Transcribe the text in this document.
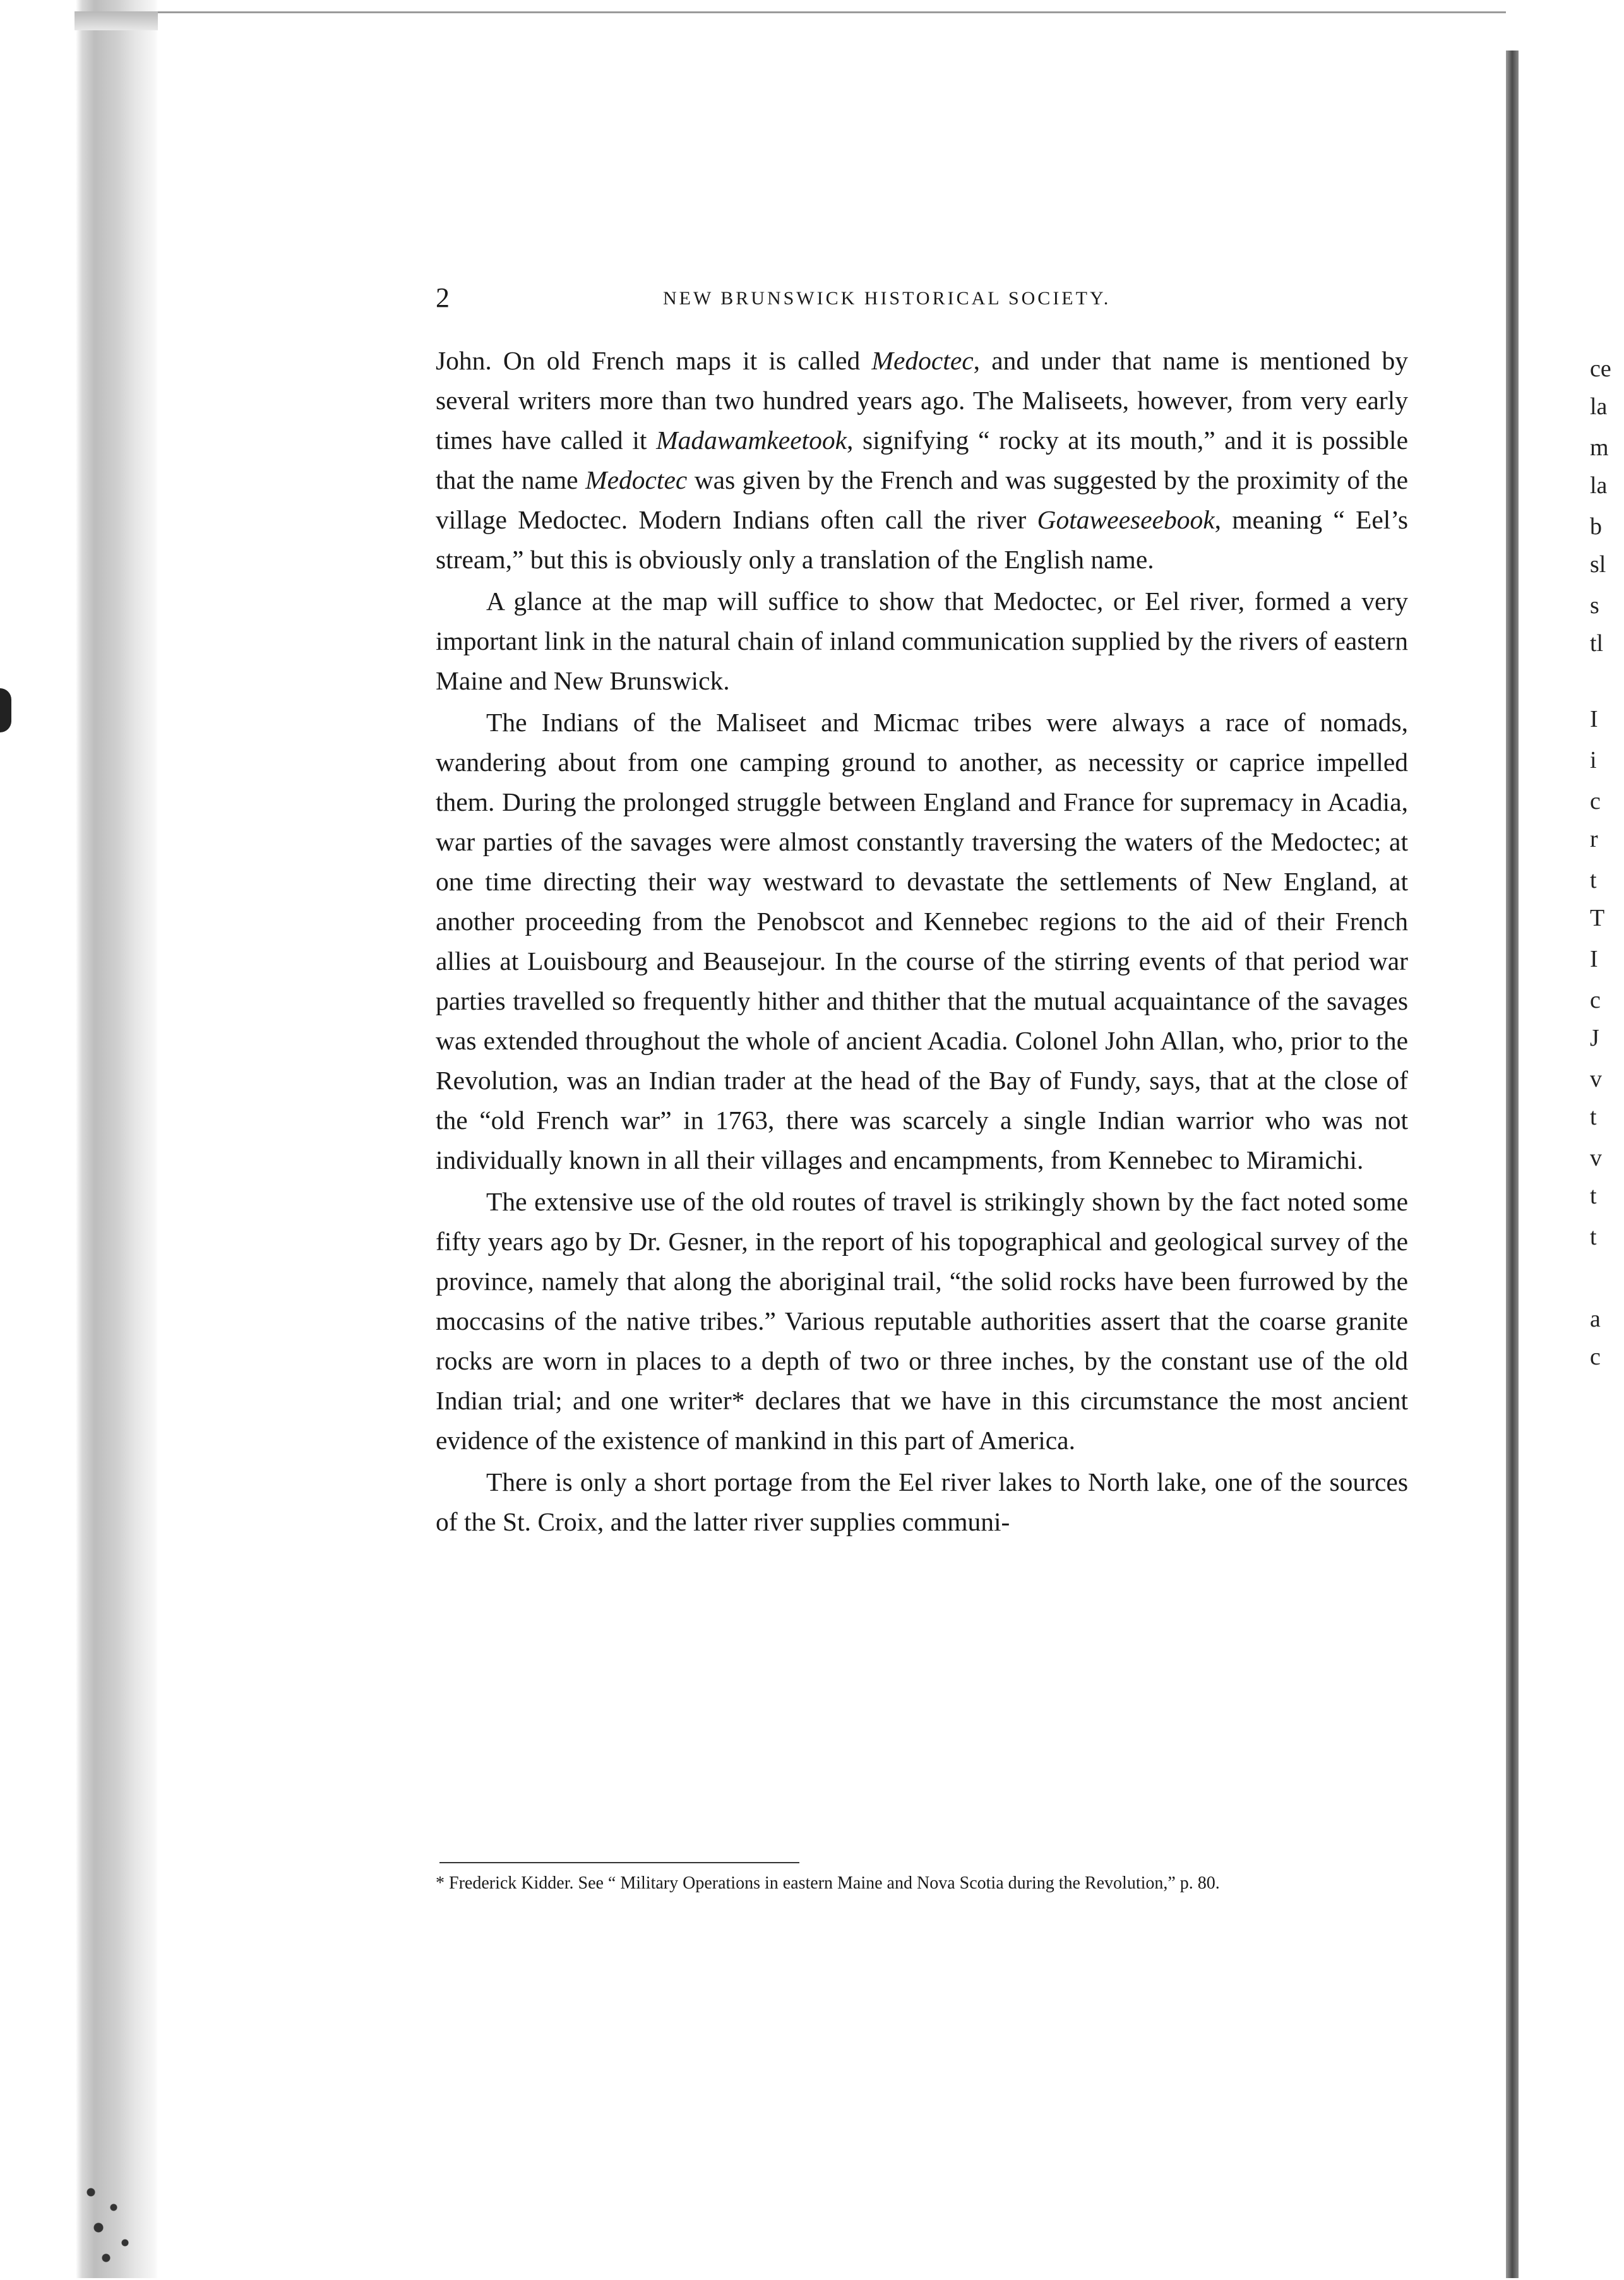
2	NEW BRUNSWICK HISTORICAL SOCIETY.

John. On old French maps it is called Medoctec, and under that name is mentioned by several writers more than two hundred years ago. The Maliseets, however, from very early times have called it Madawamkeetook, signifying “ rocky at its mouth,” and it is possible that the name Medoctec was given by the French and was suggested by the proximity of the village Medoctec. Modern Indians often call the river Gotaweeseebook, meaning “ Eel’s stream,” but this is obviously only a translation of the English name.

A glance at the map will suffice to show that Medoctec, or Eel river, formed a very important link in the natural chain of inland communication supplied by the rivers of eastern Maine and New Brunswick.

The Indians of the Maliseet and Micmac tribes were always a race of nomads, wandering about from one camping ground to another, as necessity or caprice impelled them. During the prolonged struggle between England and France for supremacy in Acadia, war parties of the savages were almost constantly traversing the waters of the Medoctec; at one time directing their way westward to devastate the settlements of New England, at another proceeding from the Penobscot and Kennebec regions to the aid of their French allies at Louisbourg and Beausejour. In the course of the stirring events of that period war parties travelled so frequently hither and thither that the mutual acquaintance of the savages was extended throughout the whole of ancient Acadia. Colonel John Allan, who, prior to the Revolution, was an Indian trader at the head of the Bay of Fundy, says, that at the close of the “old French war” in 1763, there was scarcely a single Indian warrior who was not individually known in all their villages and encampments, from Kennebec to Miramichi.

The extensive use of the old routes of travel is strikingly shown by the fact noted some fifty years ago by Dr. Gesner, in the report of his topographical and geological survey of the province, namely that along the aboriginal trail, “the solid rocks have been furrowed by the moccasins of the native tribes.” Various reputable authorities assert that the coarse granite rocks are worn in places to a depth of two or three inches, by the constant use of the old Indian trial; and one writer* declares that we have in this circumstance the most ancient evidence of the existence of mankind in this part of America.

There is only a short portage from the Eel river lakes to North lake, one of the sources of the St. Croix, and the latter river supplies communi-

* Frederick Kidder. See “ Military Operations in eastern Maine and Nova Scotia during the Revolution,” p. 80.
ce
la
m
la
b
sl
s
tl
I
i
c
r
t
T
I
c
J
v
t
v
t
t
a
c
